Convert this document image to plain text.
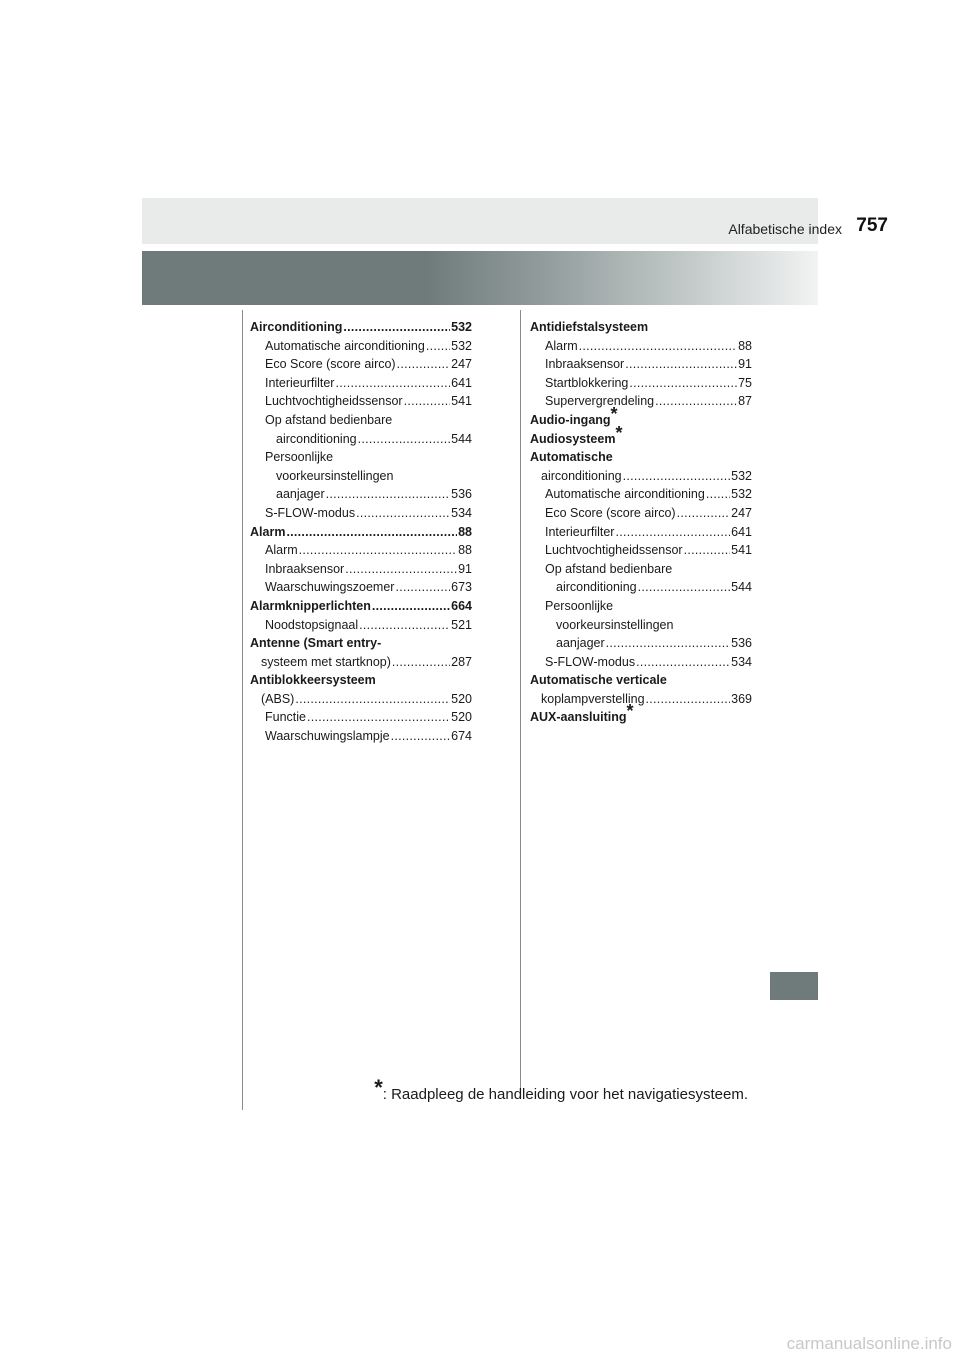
Alfabetische index 757
Airconditioning . . .	532
Automatische airconditioning . . . 532
Eco Score (score airco) . . .	247
Interieurfilter . . .	641
Luchtvochtigheidssensor . . .	541
Op afstand bedienbare
airconditioning . . .	544
Persoonlijke
voorkeursinstellingen
aanjager . . .	536
S-FLOW-modus . . .	534
Alarm . . .	88
Alarm . . .	88
Inbraaksensor . . .	91
Waarschuwingszoemer . . .	673
Alarmknipperlichten . . .	664
Noodstopsignaal . . .	521
Antenne (Smart entry-
systeem met startknop) . . .	287
Antiblokkeersysteem
(ABS) . . .	520
Functie . . .	520
Waarschuwingslampje . . .	674
Antidiefstalsysteem
Alarm . . .	88
Inbraaksensor . . .	91
Startblokkering . . .	75
Supervergrendeling . . .	87
Audio-ingang*
Audiosysteem*
Automatische
airconditioning . . .	532
Automatische airconditioning . . . 532
Eco Score (score airco) . . .	247
Interieurfilter . . .	641
Luchtvochtigheidssensor . . .	541
Op afstand bedienbare
airconditioning . . .	544
Persoonlijke
voorkeursinstellingen
aanjager . . .	536
S-FLOW-modus . . .	534
Automatische verticale
koplampverstelling . . .	369
AUX-aansluiting*
*: Raadpleeg de handleiding voor het navigatiesysteem.
carmanualsonline.info
